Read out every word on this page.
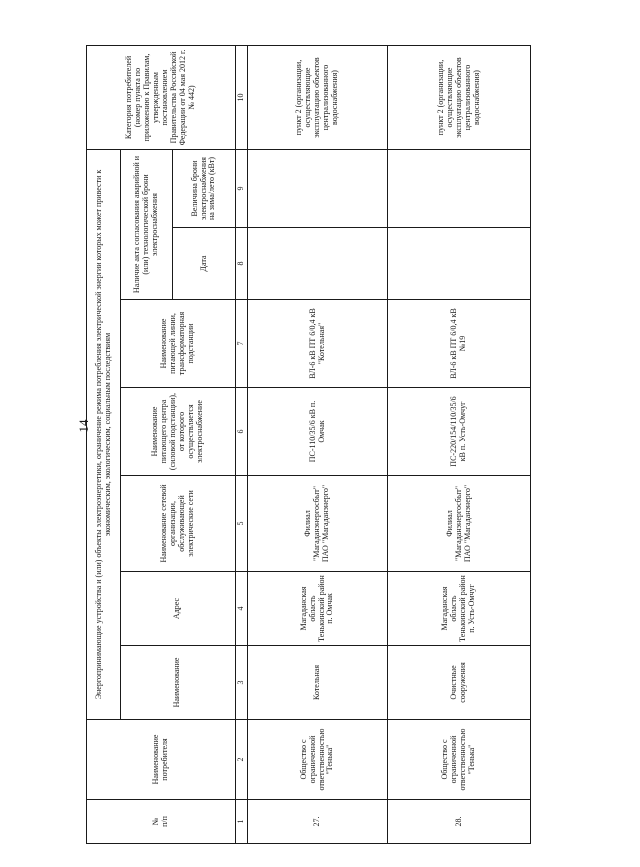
14
№
п/п	Наименование потребителя	Энергопринимающие устройства и (или) объекты электроэнергетики, ограничение режима потребления электрической энергии которых может привести к экономическим, экологическим, социальным последствиям							Категория потребителей (номер пункта по приложению к Правилам, утвержденным постановлением Правительства Российской Федерации от 04 мая 2012 г. № 442)
		Наименование	Адрес	Наименование сетевой организации, обслуживающей электрические сети	Наименование питающего центра (силовой подстанции), от которого осуществляется электроснабжение	Наименование питающей линии, трансформаторная подстанции	Наличие акта согласования аварийной и (или) технологической брони электроснабжения		
							Дата	Величина брони электроснабжения на зима/лето (кВт)	
1	2	3	4	5	6	7	8	9	10
27.	Общество с ограниченной ответственностью "Тенька"	Котельная	Магаданская область Тенькинский район п. Омчак	Филиал "Магаданэнергосбыт" ПАО "Магаданэнерго"	ПС-110/35/6 кВ п. Омчак	ВЛ-6 кВ ПТ 6/0,4 кВ "Котельная"			пункт 2 (организации, осуществляющие эксплуатацию объектов централизованного водоснабжения)
28.	Общество с ограниченной ответственностью "Тенька"	Очистные сооружения	Магаданская область Тенькинский район п. Усть-Омчуг	Филиал "Магаданэнергосбыт" ПАО "Магаданэнерго"	ПС-220/154/110/35/6 кВ п. Усть-Омчуг	ВЛ-6 кВ ПТ 6/0,4 кВ №19			пункт 2 (организации, осуществляющие эксплуатацию объектов централизованного водоснабжения)
